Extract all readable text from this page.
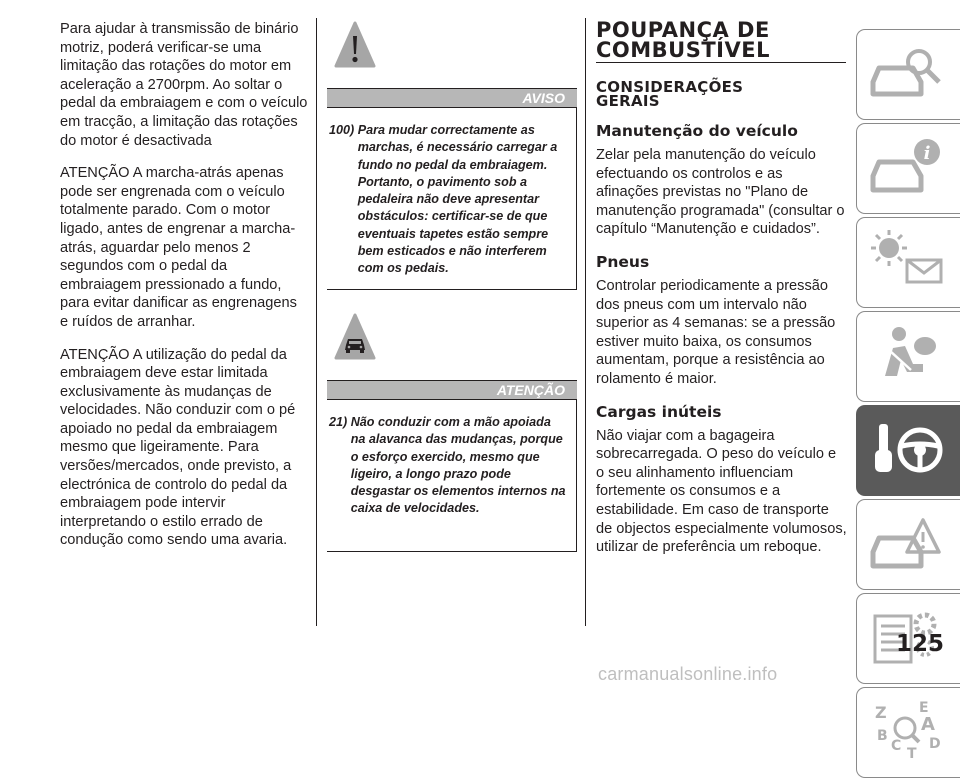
Para ajudar à transmissão de binário motriz, poderá verificar-se uma limitação das rotações do motor em aceleração a 2700rpm. Ao soltar o pedal da embraiagem e com o veículo em tracção, a limitação das rotações do motor é desactivada

ATENÇÃO A marcha-atrás apenas pode ser engrenada com o veículo totalmente parado. Com o motor ligado, antes de engrenar a marcha-atrás, aguardar pelo menos 2 segundos com o pedal da embraiagem pressionado a fundo, para evitar danificar as engrenagens e ruídos de arranhar.

ATENÇÃO A utilização do pedal da embraiagem deve estar limitada exclusivamente às mudanças de velocidades. Não conduzir com o pé apoiado no pedal da embraiagem mesmo que ligeiramente. Para versões/mercados, onde previsto, a electrónica de controlo do pedal da embraiagem pode intervir interpretando o estilo errado de condução como sendo uma avaria.

AVISO
100) Para mudar correctamente as marchas, é necessário carregar a fundo no pedal da embraiagem. Portanto, o pavimento sob a pedaleira não deve apresentar obstáculos: certificar-se de que eventuais tapetes estão sempre bem esticados e não interferem com os pedais.
ATENÇÃO
21) Não conduzir com a mão apoiada na alavanca das mudanças, porque o esforço exercido, mesmo que ligeiro, a longo prazo pode desgastar os elementos internos na caixa de velocidades.
POUPANÇA DE
COMBUSTÍVEL
CONSIDERAÇÕES
GERAIS
Manutenção do veículo

Zelar pela manutenção do veículo efectuando os controlos e as afinações previstas no "Plano de manutenção programada" (consultar o capítulo “Manutenção e cuidados”.

Pneus

Controlar periodicamente a pressão dos pneus com um intervalo não superior as 4 semanas: se a pressão estiver muito baixa, os consumos aumentam, porque a resistência ao rolamento é maior.

Cargas inúteis

Não viajar com a bagageira sobrecarregada. O peso do veículo e o seu alinhamento influenciam fortemente os consumos e a estabilidade. Em caso de transporte de objectos especialmente volumosos, utilizar de preferência um reboque.

i
Z E
A
B
C T
D
125
carmanualsonline.info
